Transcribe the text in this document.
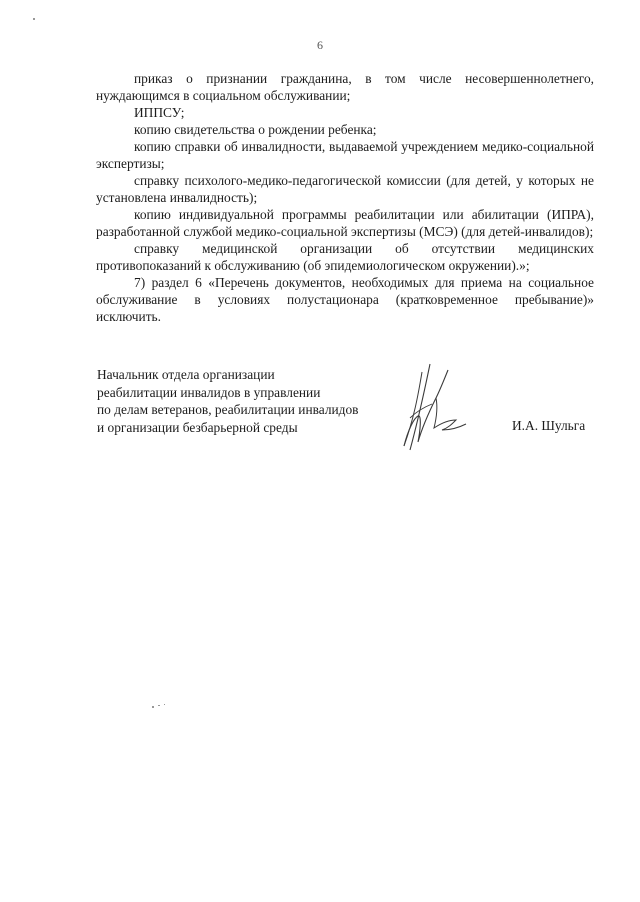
6

приказ о признании гражданина, в том числе несовершеннолетнего, нуждающимся в социальном обслуживании;

ИППСУ;

копию свидетельства о рождении ребенка;

копию справки об инвалидности, выдаваемой учреждением медико-социальной экспертизы;

справку психолого-медико-педагогической комиссии (для детей, у которых не установлена инвалидность);

копию индивидуальной программы реабилитации или абилитации (ИПРА), разработанной службой медико-социальной экспертизы (МСЭ) (для детей-инвалидов);

справку медицинской организации об отсутствии медицинских противопоказаний к обслуживанию (об эпидемиологическом окружении).»;

7) раздел 6 «Перечень документов, необходимых для приема на социальное обслуживание в условиях полустационара (кратковременное пребывание)» исключить.

Начальник отдела организации
реабилитации инвалидов в управлении
по делам ветеранов, реабилитации инвалидов
и организации безбарьерной среды	И.А. Шульга
